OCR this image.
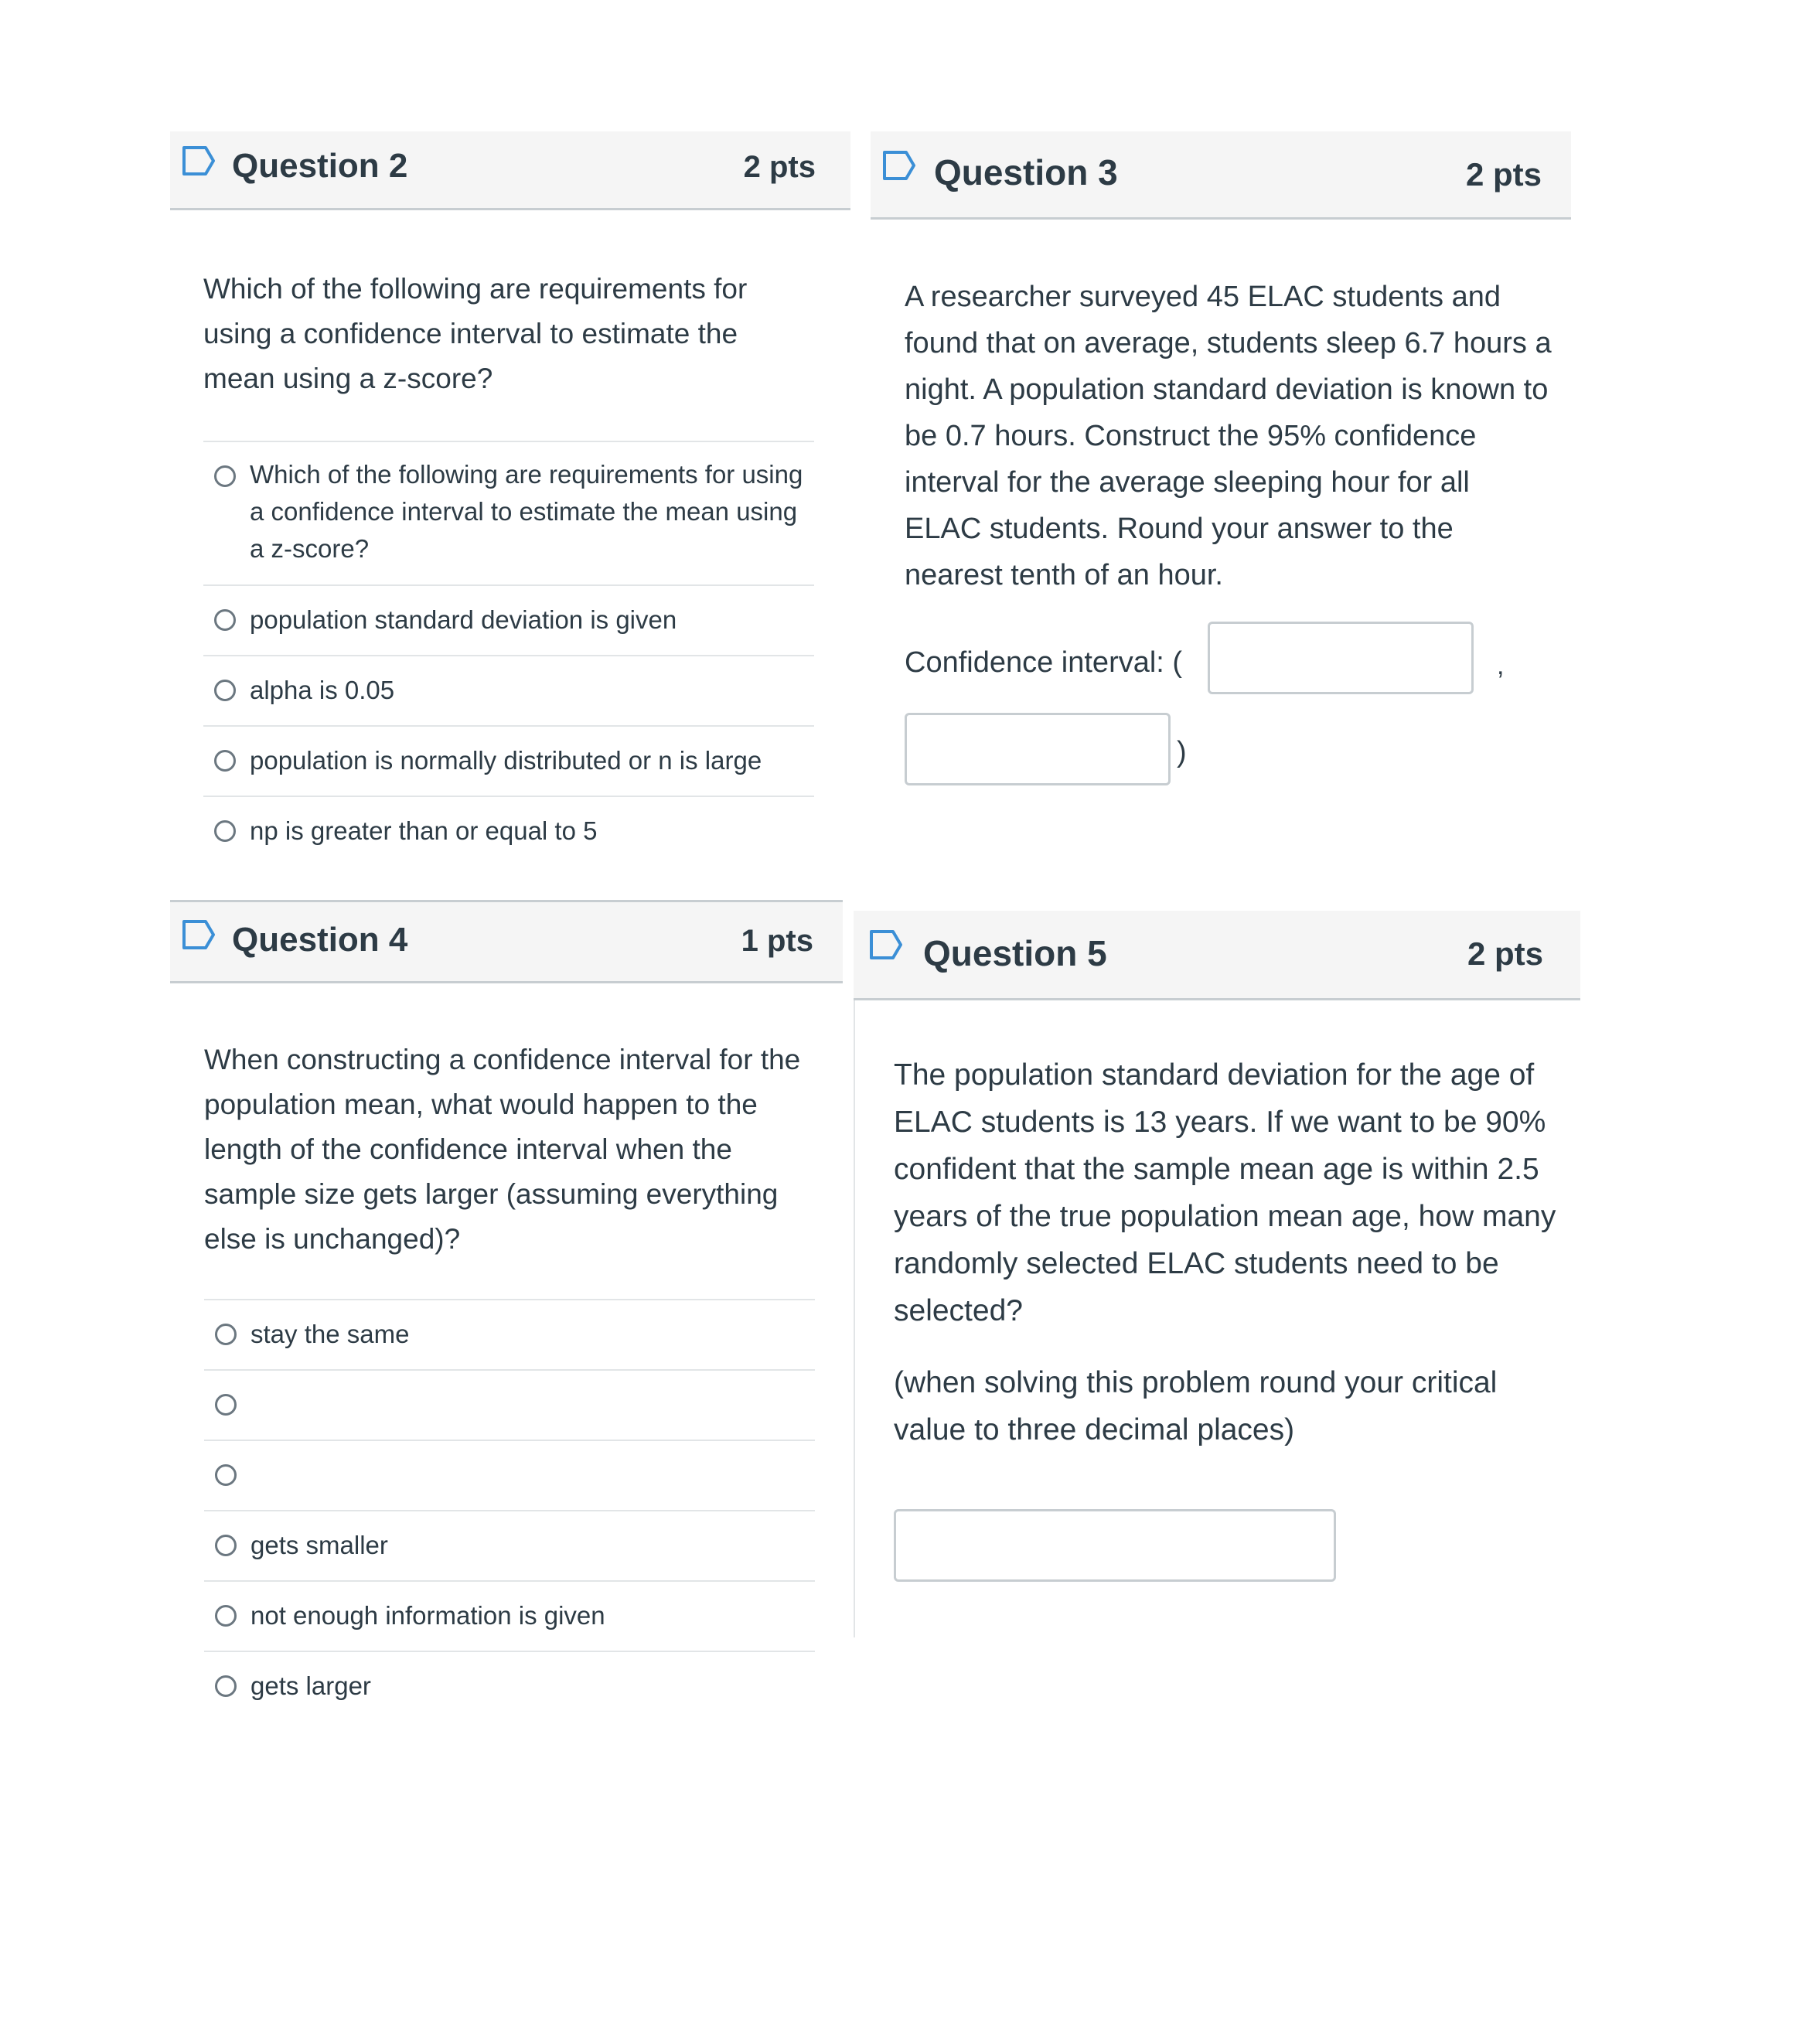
Question 2	2 pts
Which of the following are requirements for using a confidence interval to estimate the mean using a z-score?
Which of the following are requirements for using a confidence interval to estimate the mean using a z-score?
population standard deviation is given
alpha is 0.05
population is normally distributed or n is large
np is greater than or equal to 5
Question 3	2 pts
A researcher surveyed 45 ELAC students and found that on average, students sleep 6.7 hours a night. A population standard deviation is known to be 0.7 hours. Construct the 95% confidence interval for the average sleeping hour for all ELAC students. Round your answer to the nearest tenth of an hour.
Confidence interval: (	,
)
Question 4	1 pts
When constructing a confidence interval for the population mean, what would happen to the length of the confidence interval when the sample size gets larger (assuming everything else is unchanged)?
stay the same
gets smaller
not enough information is given
gets larger
Question 5	2 pts
The population standard deviation for the age of ELAC students is 13 years. If we want to be 90% confident that the sample mean age is within 2.5 years of the true population mean age, how many randomly selected ELAC students need to be selected?
(when solving this problem round your critical value to three decimal places)
